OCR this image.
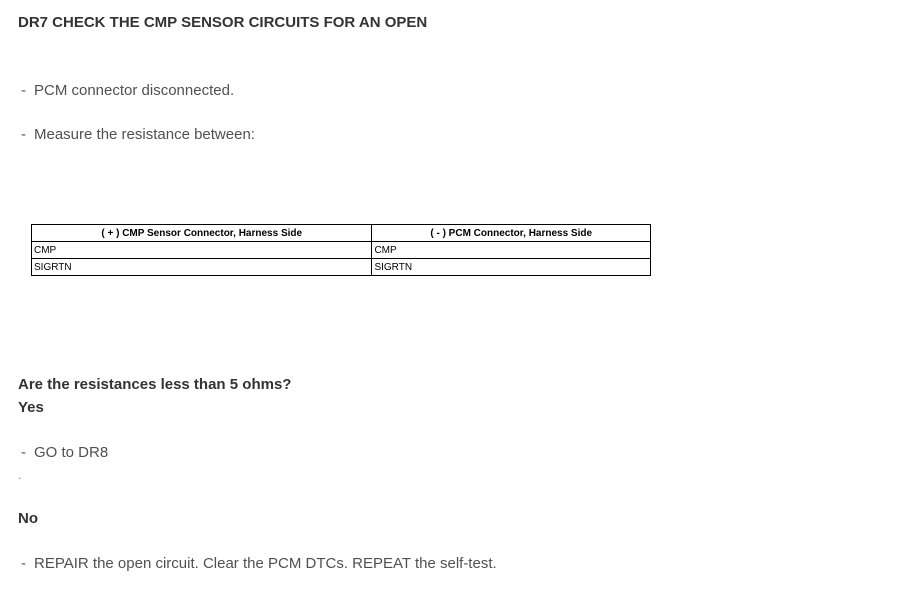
DR7 CHECK THE CMP SENSOR CIRCUITS FOR AN OPEN
- PCM connector disconnected.
- Measure the resistance between:
( + ) CMP Sensor Connector, Harness Side	( - ) PCM Connector, Harness Side
CMP	CMP
SIGRTN	SIGRTN
Are the resistances less than 5 ohms?
Yes
- GO to DR8
.
No
- REPAIR the open circuit. Clear the PCM DTCs. REPEAT the self-test.
